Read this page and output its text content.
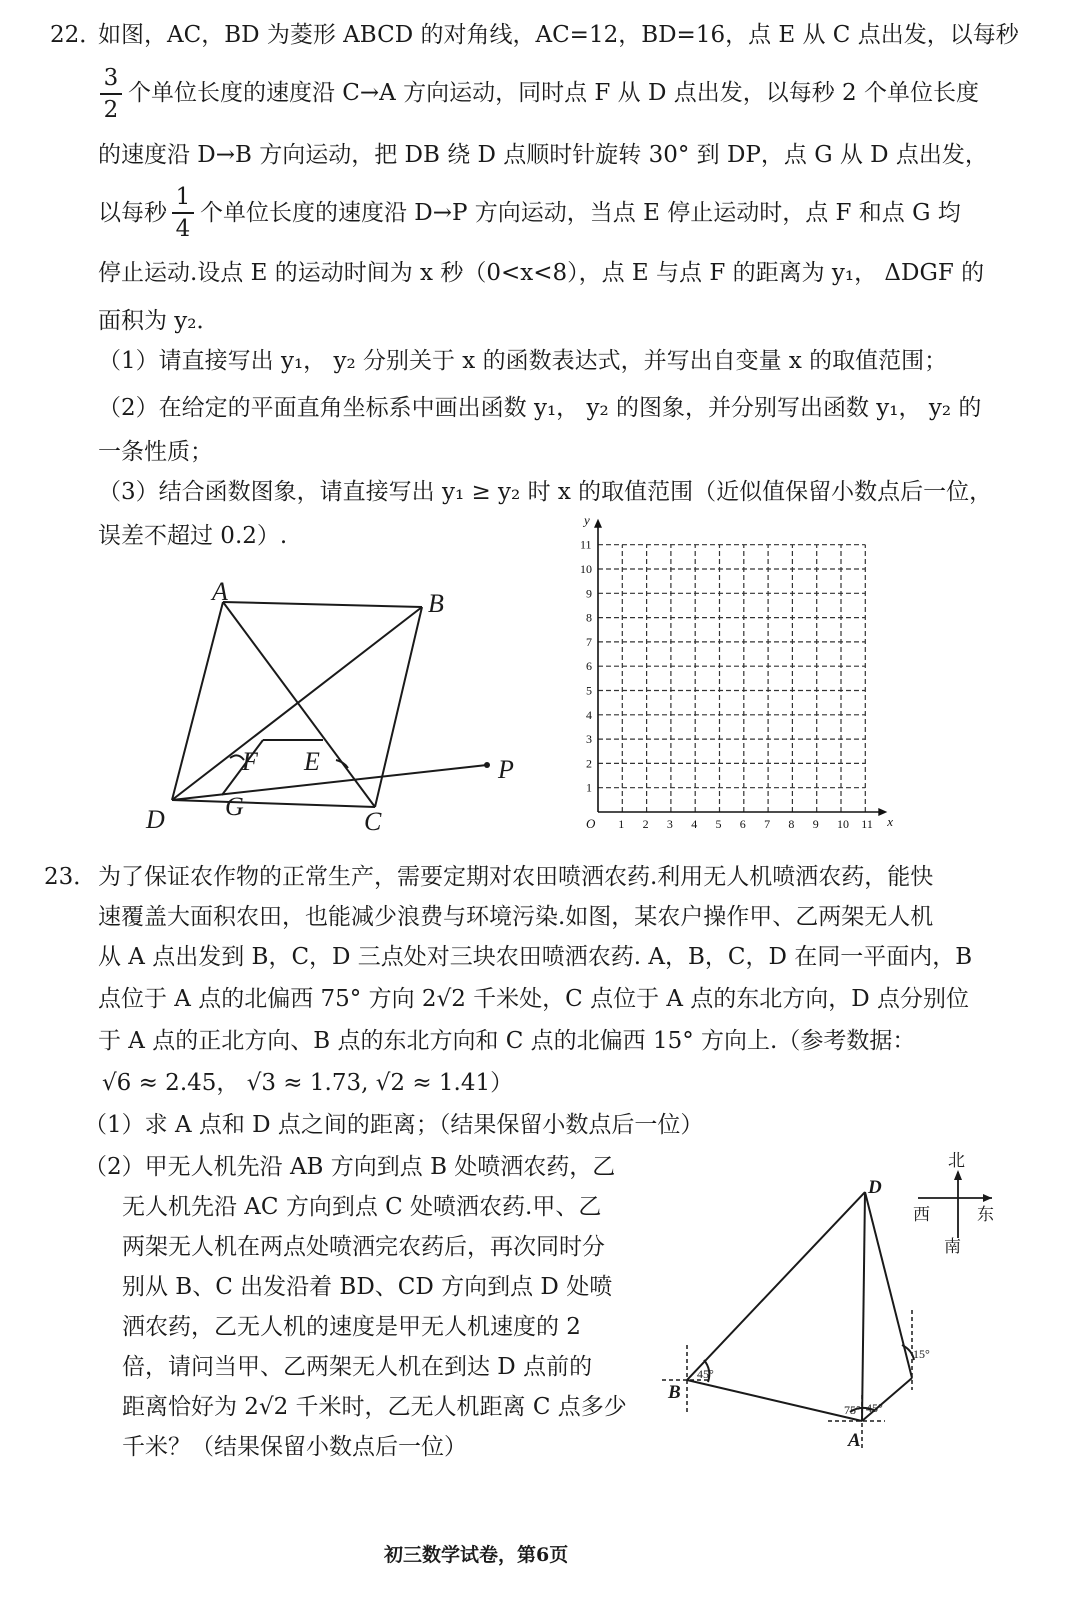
22．
如图，AC，BD 为菱形 ABCD 的对角线，AC=12，BD=16，点 E 从 C 点出发，以每秒
3
2
个单位长度的速度沿 C→A 方向运动，同时点 F 从 D 点出发，以每秒 2 个单位长度
的速度沿 D→B 方向运动，把 DB 绕 D 点顺时针旋转 30° 到 DP，点 G 从 D 点出发，
以每秒
1
4
个单位长度的速度沿 D→P 方向运动，当点 E 停止运动时，点 F 和点 G 均
停止运动.设点 E 的运动时间为 x 秒（0<x<8），点 E 与点 F 的距离为 y₁， ΔDGF 的
面积为 y₂．
（1）请直接写出 y₁， y₂ 分别关于 x 的函数表达式，并写出自变量 x 的取值范围；
（2）在给定的平面直角坐标系中画出函数 y₁， y₂ 的图象，并分别写出函数 y₁， y₂ 的
一条性质；
（3）结合函数图象，请直接写出 y₁ ≥ y₂ 时 x 的取值范围（近似值保留小数点后一位，
误差不超过 0.2）.
A	B
C
D
E
F
G
P
1 2 3 4 5 6 7 8 9 10 11
1
2
3
4
5
6
7
8
9
10
11
O	x
y
23． 为了保证农作物的正常生产，需要定期对农田喷洒农药.利用无人机喷洒农药，能快
速覆盖大面积农田，也能减少浪费与环境污染.如图，某农户操作甲、乙两架无人机
从 A 点出发到 B，C，D 三点处对三块农田喷洒农药. A，B，C，D 在同一平面内，B
点位于 A 点的北偏西 75° 方向 2√2 千米处，C 点位于 A 点的东北方向，D 点分别位
于 A 点的正北方向、B 点的东北方向和 C 点的北偏西 15° 方向上.（参考数据：
√6 ≈ 2.45， √3 ≈ 1.73, √2 ≈ 1.41）
（1）求 A 点和 D 点之间的距离；（结果保留小数点后一位）
（2）甲无人机先沿 AB 方向到点 B 处喷洒农药，乙
无人机先沿 AC 方向到点 C 处喷洒农药.甲、乙
两架无人机在两点处喷洒完农药后，再次同时分
别从 B、C 出发沿着 BD、CD 方向到点 D 处喷
洒农药，乙无人机的速度是甲无人机速度的 2
倍，请问当甲、乙两架无人机在到达 D 点前的
距离恰好为 2√2 千米时，乙无人机距离 C 点多少
千米？（结果保留小数点后一位）
45°
75° 45°
15°
D
B
A
北
西	东
南
初三数学试卷，第6页
